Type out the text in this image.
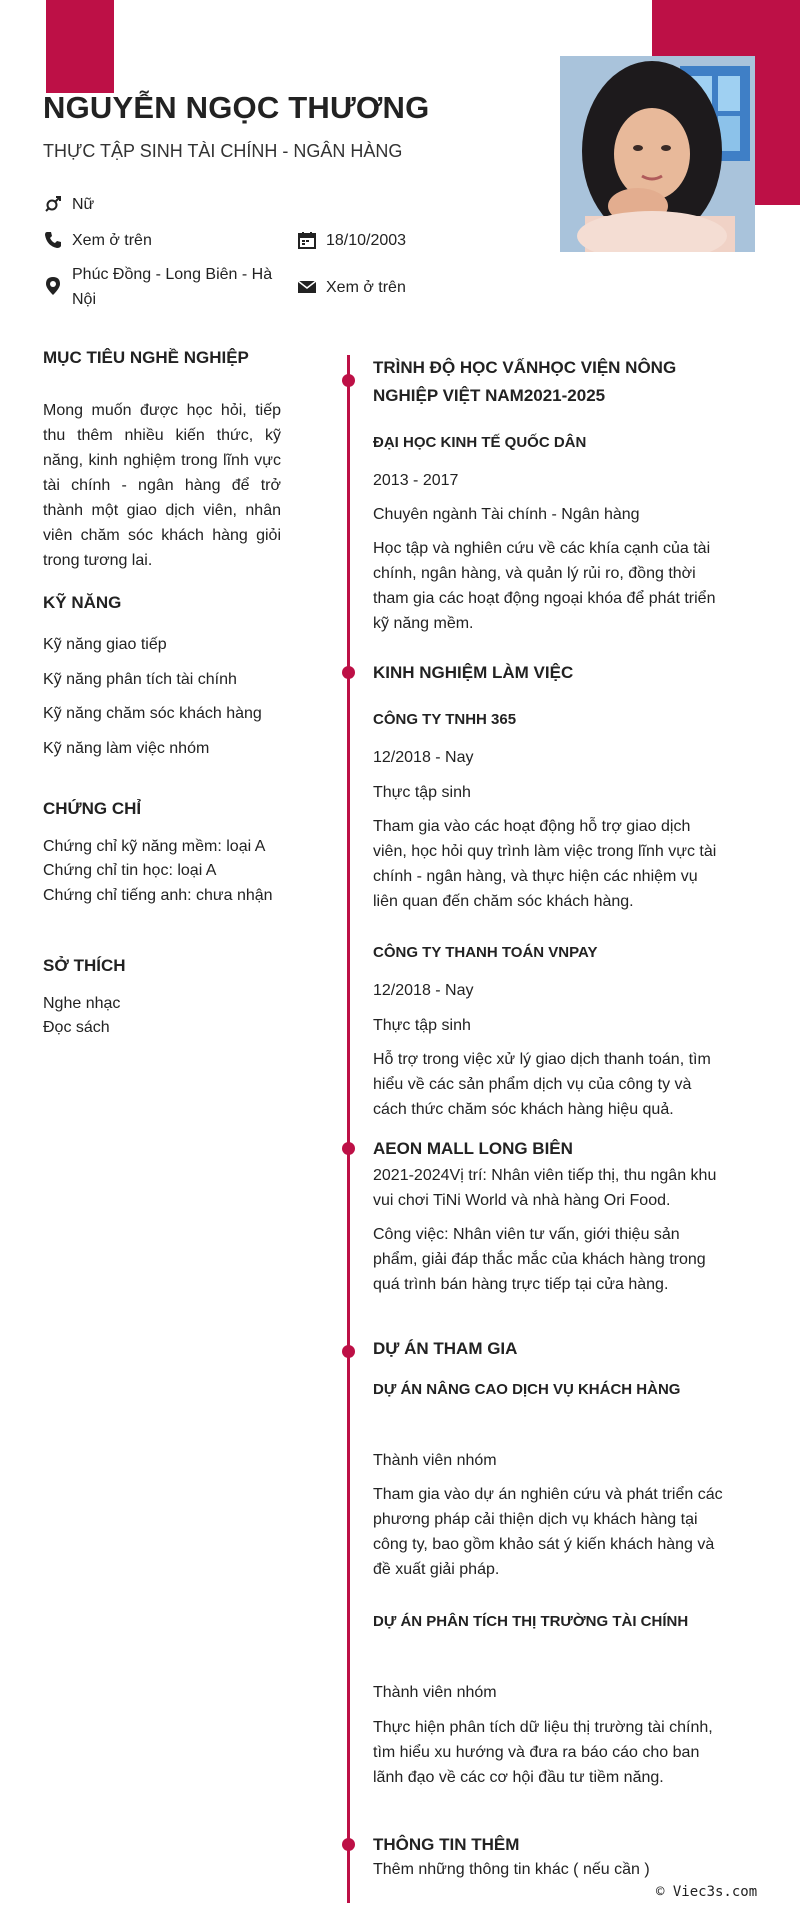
NGUYỄN NGỌC THƯƠNG
THỰC TẬP SINH TÀI CHÍNH - NGÂN HÀNG
Nữ
Xem ở trên	18/10/2003
Phúc Đồng - Long Biên - Hà Nội
Xem ở trên
MỤC TIÊU NGHỀ NGHIỆP
Mong muốn được học hỏi, tiếp thu thêm nhiều kiến thức, kỹ năng, kinh nghiệm trong lĩnh vực tài chính - ngân hàng để trở thành một giao dịch viên, nhân viên chăm sóc khách hàng giỏi trong tương lai.
KỸ NĂNG
Kỹ năng giao tiếp
Kỹ năng phân tích tài chính
Kỹ năng chăm sóc khách hàng
Kỹ năng làm việc nhóm
CHỨNG CHỈ
Chứng chỉ kỹ năng mềm: loại A
Chứng chỉ tin học: loại A
Chứng chỉ tiếng anh: chưa nhận
SỞ THÍCH
Nghe nhạc
Đọc sách
TRÌNH ĐỘ HỌC VẤNHỌC VIỆN NÔNG NGHIỆP VIỆT NAM2021-2025
ĐẠI HỌC KINH TẾ QUỐC DÂN
2013 - 2017
Chuyên ngành Tài chính - Ngân hàng
Học tập và nghiên cứu về các khía cạnh của tài chính, ngân hàng, và quản lý rủi ro, đồng thời tham gia các hoạt động ngoại khóa để phát triển kỹ năng mềm.
KINH NGHIỆM LÀM VIỆC
CÔNG TY TNHH 365
12/2018 - Nay
Thực tập sinh
Tham gia vào các hoạt động hỗ trợ giao dịch viên, học hỏi quy trình làm việc trong lĩnh vực tài chính - ngân hàng, và thực hiện các nhiệm vụ liên quan đến chăm sóc khách hàng.
CÔNG TY THANH TOÁN VNPAY
12/2018 - Nay
Thực tập sinh
Hỗ trợ trong việc xử lý giao dịch thanh toán, tìm hiểu về các sản phẩm dịch vụ của công ty và cách thức chăm sóc khách hàng hiệu quả.
AEON MALL LONG BIÊN
2021-2024Vị trí: Nhân viên tiếp thị, thu ngân khu vui chơi TiNi World và nhà hàng Ori Food.
Công việc: Nhân viên tư vấn, giới thiệu sản phẩm, giải đáp thắc mắc của khách hàng trong quá trình bán hàng trực tiếp tại cửa hàng.
DỰ ÁN THAM GIA
DỰ ÁN NÂNG CAO DỊCH VỤ KHÁCH HÀNG
Thành viên nhóm
Tham gia vào dự án nghiên cứu và phát triển các phương pháp cải thiện dịch vụ khách hàng tại công ty, bao gồm khảo sát ý kiến khách hàng và đề xuất giải pháp.
DỰ ÁN PHÂN TÍCH THỊ TRƯỜNG TÀI CHÍNH
Thành viên nhóm
Thực hiện phân tích dữ liệu thị trường tài chính, tìm hiểu xu hướng và đưa ra báo cáo cho ban lãnh đạo về các cơ hội đầu tư tiềm năng.
THÔNG TIN THÊM
Thêm những thông tin khác ( nếu cần )
© Viec3s.com
